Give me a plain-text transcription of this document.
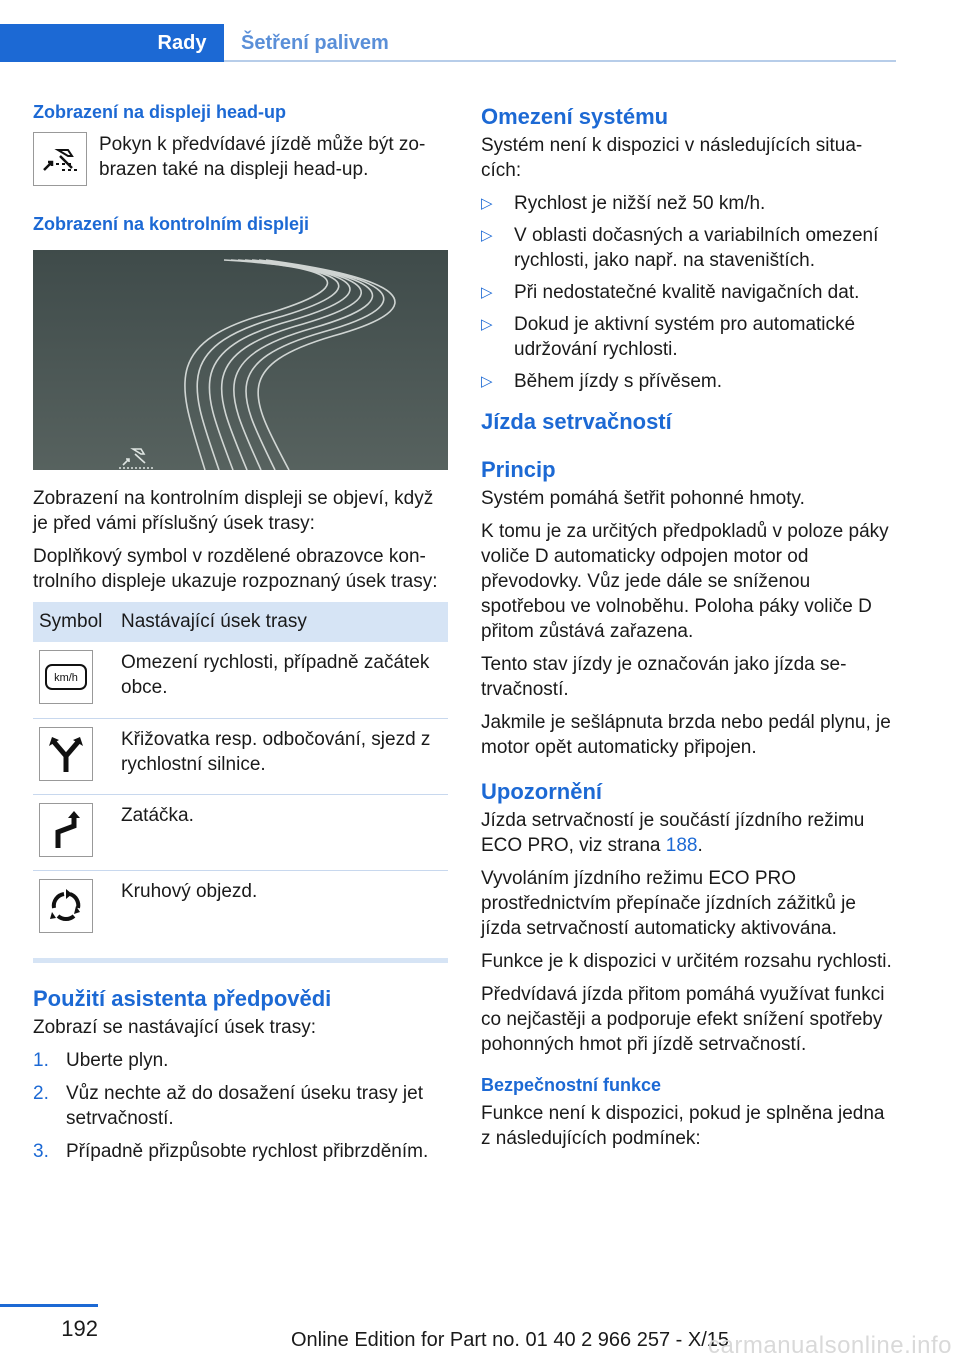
Rady	Šetření palivem
Zobrazení na displeji head-up
Pokyn k předvídavé jízdě může být zobrazen také na displeji head-up.
Zobrazení na kontrolním displeji
Zobrazení na kontrolním displeji se objeví, když je před vámi příslušný úsek trasy:
Doplňkový symbol v rozdělené obrazovce kontrolního displeje ukazuje rozpoznaný úsek trasy:
Symbol	Nastávající úsek trasy

km/h	Omezení rychlosti, případně začátek obce.

	Křižovatka resp. odbočování, sjezd z rychlostní silnice.

	Zatáčka.

	Kruhový objezd.
Použití asistenta předpovědi
Zobrazí se nastávající úsek trasy:
1. Uberte plyn.
2. Vůz nechte až do dosažení úseku trasy jet setrvačností.
3. Případně přizpůsobte rychlost přibrzděním.
Omezení systému
Systém není k dispozici v následujících situacích:
▷	Rychlost je nižší než 50 km/h.
▷	V oblasti dočasných a variabilních omezení rychlosti, jako např. na staveništích.
▷	Při nedostatečné kvalitě navigačních dat.
▷	Dokud je aktivní systém pro automatické udržování rychlosti.
▷	Během jízdy s přívěsem.
Jízda setrvačností
Princip
Systém pomáhá šetřit pohonné hmoty.
K tomu je za určitých předpokladů v poloze páky voliče D automaticky odpojen motor od převodovky. Vůz jede dále se sníženou spotřebou ve volnoběhu. Poloha páky voliče D přitom zůstává zařazena.
Tento stav jízdy je označován jako jízda setrvačností.
Jakmile je sešlápnuta brzda nebo pedál plynu, je motor opět automaticky připojen.
Upozornění
Jízda setrvačností je součástí jízdního režimu ECO PRO, viz strana 188.
Vyvoláním jízdního režimu ECO PRO prostřednictvím přepínače jízdních zážitků je jízda setrvačností automaticky aktivována.
Funkce je k dispozici v určitém rozsahu rychlosti.
Předvídavá jízda přitom pomáhá využívat funkci co nejčastěji a podporuje efekt snížení spotřeby pohonných hmot při jízdě setrvačností.
Bezpečnostní funkce
Funkce není k dispozici, pokud je splněna jedna z následujících podmínek:
192	Online Edition for Part no. 01 40 2 966 257 - X/15
carmanualsonline.info
